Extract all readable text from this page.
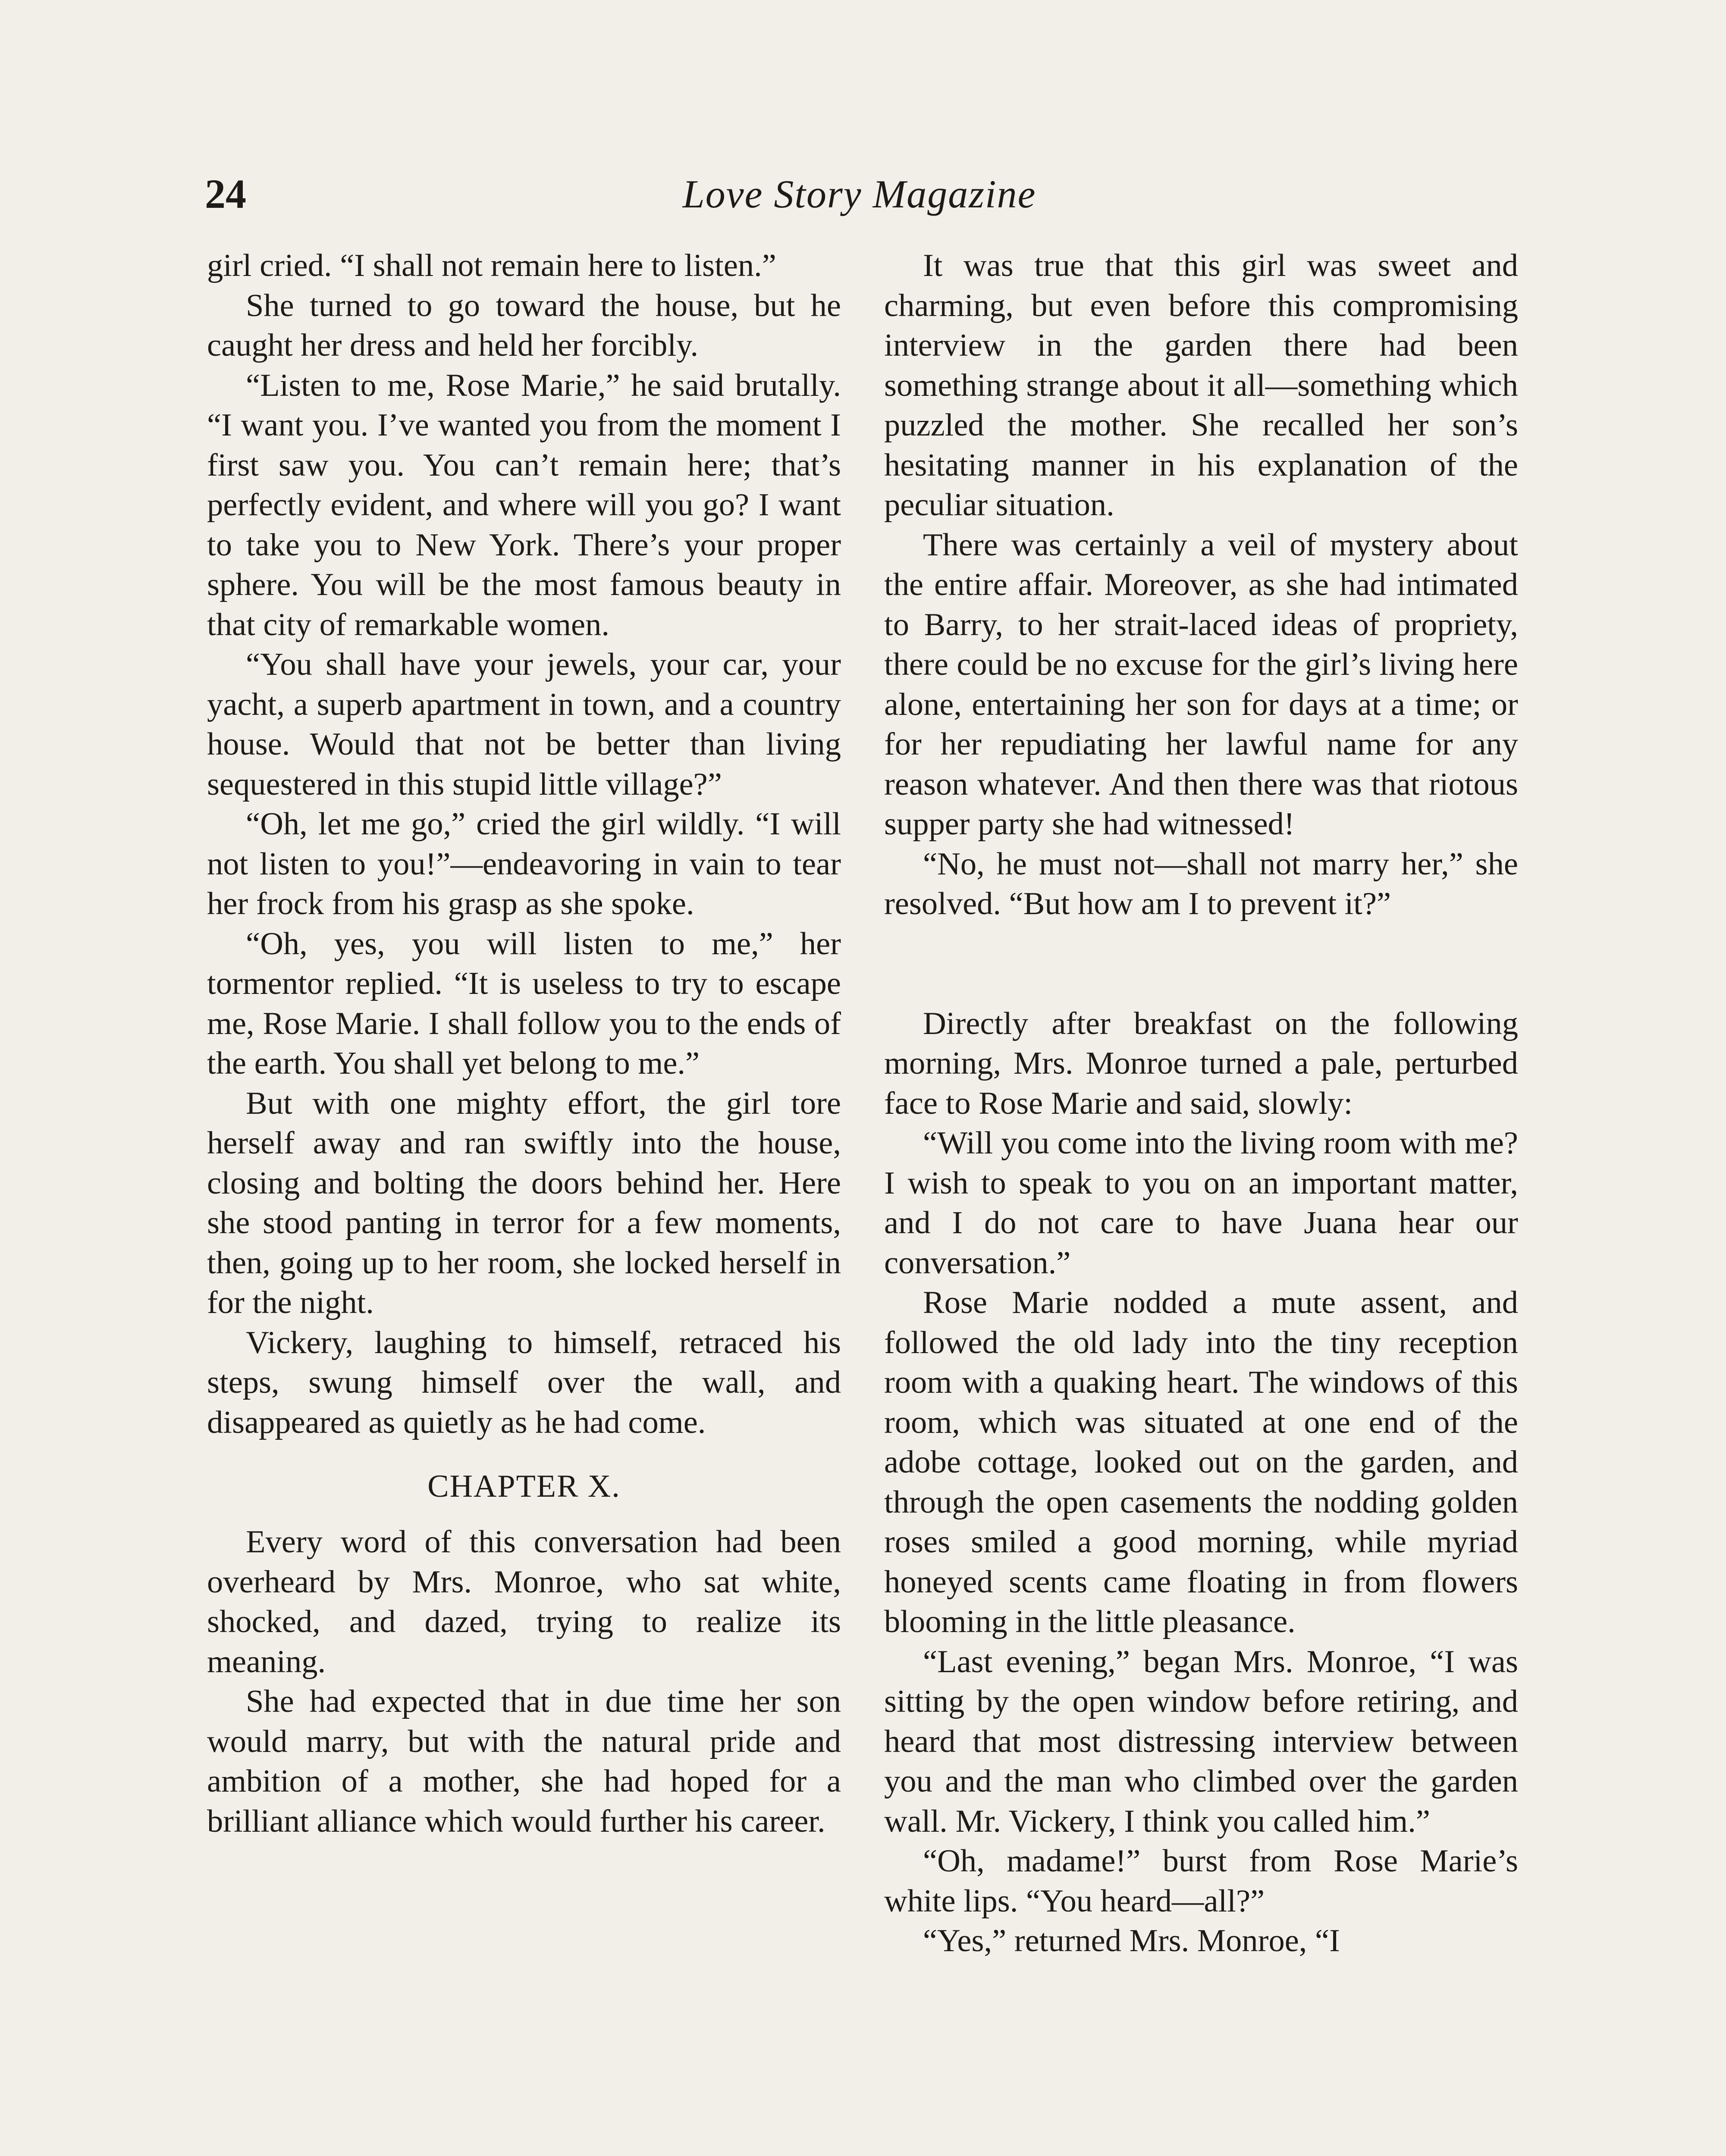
24	Love Story Magazine

girl cried. “I shall not remain here to listen.”

She turned to go toward the house, but he caught her dress and held her forcibly.

“Listen to me, Rose Marie,” he said brutally. “I want you. I’ve wanted you from the moment I first saw you. You can’t remain here; that’s perfectly evident, and where will you go? I want to take you to New York. There’s your proper sphere. You will be the most famous beauty in that city of remarkable women.

“You shall have your jewels, your car, your yacht, a superb apartment in town, and a country house. Would that not be better than living sequestered in this stupid little village?”

“Oh, let me go,” cried the girl wildly. “I will not listen to you!”—endeavoring in vain to tear her frock from his grasp as she spoke.

“Oh, yes, you will listen to me,” her tormentor replied. “It is useless to try to escape me, Rose Marie. I shall follow you to the ends of the earth. You shall yet belong to me.”

But with one mighty effort, the girl tore herself away and ran swiftly into the house, closing and bolting the doors behind her. Here she stood panting in terror for a few moments, then, going up to her room, she locked herself in for the night.

Vickery, laughing to himself, retraced his steps, swung himself over the wall, and disappeared as quietly as he had come.

CHAPTER X.

Every word of this conversation had been overheard by Mrs. Monroe, who sat white, shocked, and dazed, trying to realize its meaning.

She had expected that in due time her son would marry, but with the natural pride and ambition of a mother, she had hoped for a brilliant alliance which would further his career.

It was true that this girl was sweet and charming, but even before this compromising interview in the garden there had been something strange about it all—something which puzzled the mother. She recalled her son’s hesitating manner in his explanation of the peculiar situation.

There was certainly a veil of mystery about the entire affair. Moreover, as she had intimated to Barry, to her strait-laced ideas of propriety, there could be no excuse for the girl’s living here alone, entertaining her son for days at a time; or for her repudiating her lawful name for any reason whatever. And then there was that riotous supper party she had witnessed!

“No, he must not—shall not marry her,” she resolved. “But how am I to prevent it?”

Directly after breakfast on the following morning, Mrs. Monroe turned a pale, perturbed face to Rose Marie and said, slowly:

“Will you come into the living room with me? I wish to speak to you on an important matter, and I do not care to have Juana hear our conversation.”

Rose Marie nodded a mute assent, and followed the old lady into the tiny reception room with a quaking heart. The windows of this room, which was situated at one end of the adobe cottage, looked out on the garden, and through the open casements the nodding golden roses smiled a good morning, while myriad honeyed scents came floating in from flowers blooming in the little pleasance.

“Last evening,” began Mrs. Monroe, “I was sitting by the open window before retiring, and heard that most distressing interview between you and the man who climbed over the garden wall. Mr. Vickery, I think you called him.”

“Oh, madame!” burst from Rose Marie’s white lips. “You heard—all?”

“Yes,” returned Mrs. Monroe, “I
